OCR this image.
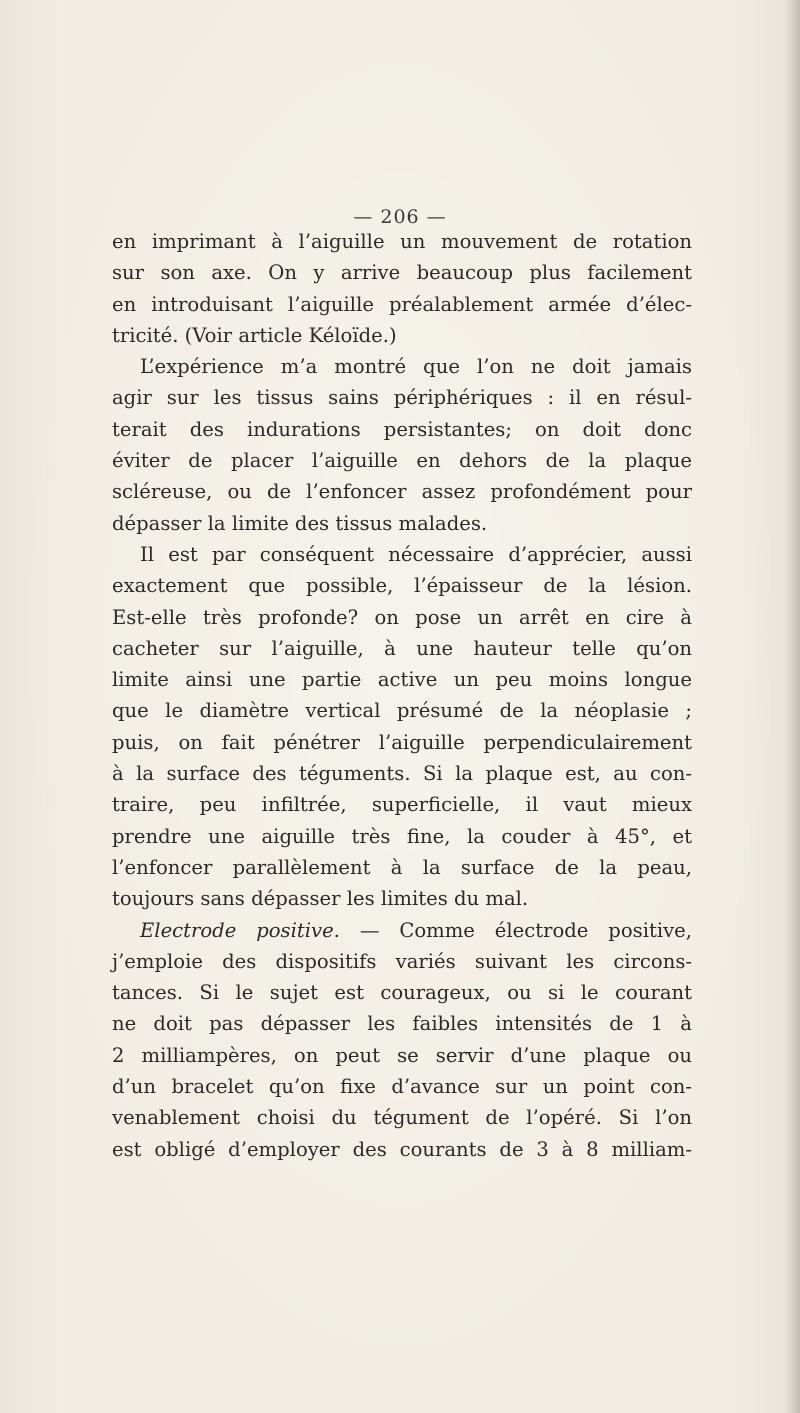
— 206 —
en imprimant à l’aiguille un mouvement de rotation
sur son axe. On y arrive beaucoup plus facilement
en introduisant l’aiguille préalablement armée d’élec-
tricité. (Voir article Kéloïde.)
L’expérience m’a montré que l’on ne doit jamais
agir sur les tissus sains périphériques : il en résul-
terait des indurations persistantes; on doit donc
éviter de placer l’aiguille en dehors de la plaque
scléreuse, ou de l’enfoncer assez profondément pour
dépasser la limite des tissus malades.
Il est par conséquent nécessaire d’apprécier, aussi
exactement que possible, l’épaisseur de la lésion.
Est-elle très profonde? on pose un arrêt en cire à
cacheter sur l’aiguille, à une hauteur telle qu’on
limite ainsi une partie active un peu moins longue
que le diamètre vertical présumé de la néoplasie ;
puis, on fait pénétrer l’aiguille perpendiculairement
à la surface des téguments. Si la plaque est, au con-
traire, peu infiltrée, superficielle, il vaut mieux
prendre une aiguille très fine, la couder à 45°, et
l’enfoncer parallèlement à la surface de la peau,
toujours sans dépasser les limites du mal.
Electrode positive. — Comme électrode positive,
j’emploie des dispositifs variés suivant les circons-
tances. Si le sujet est courageux, ou si le courant
ne doit pas dépasser les faibles intensités de 1 à
2 milliampères, on peut se servir d’une plaque ou
d’un bracelet qu’on fixe d’avance sur un point con-
venablement choisi du tégument de l’opéré. Si l’on
est obligé d’employer des courants de 3 à 8 milliam-
